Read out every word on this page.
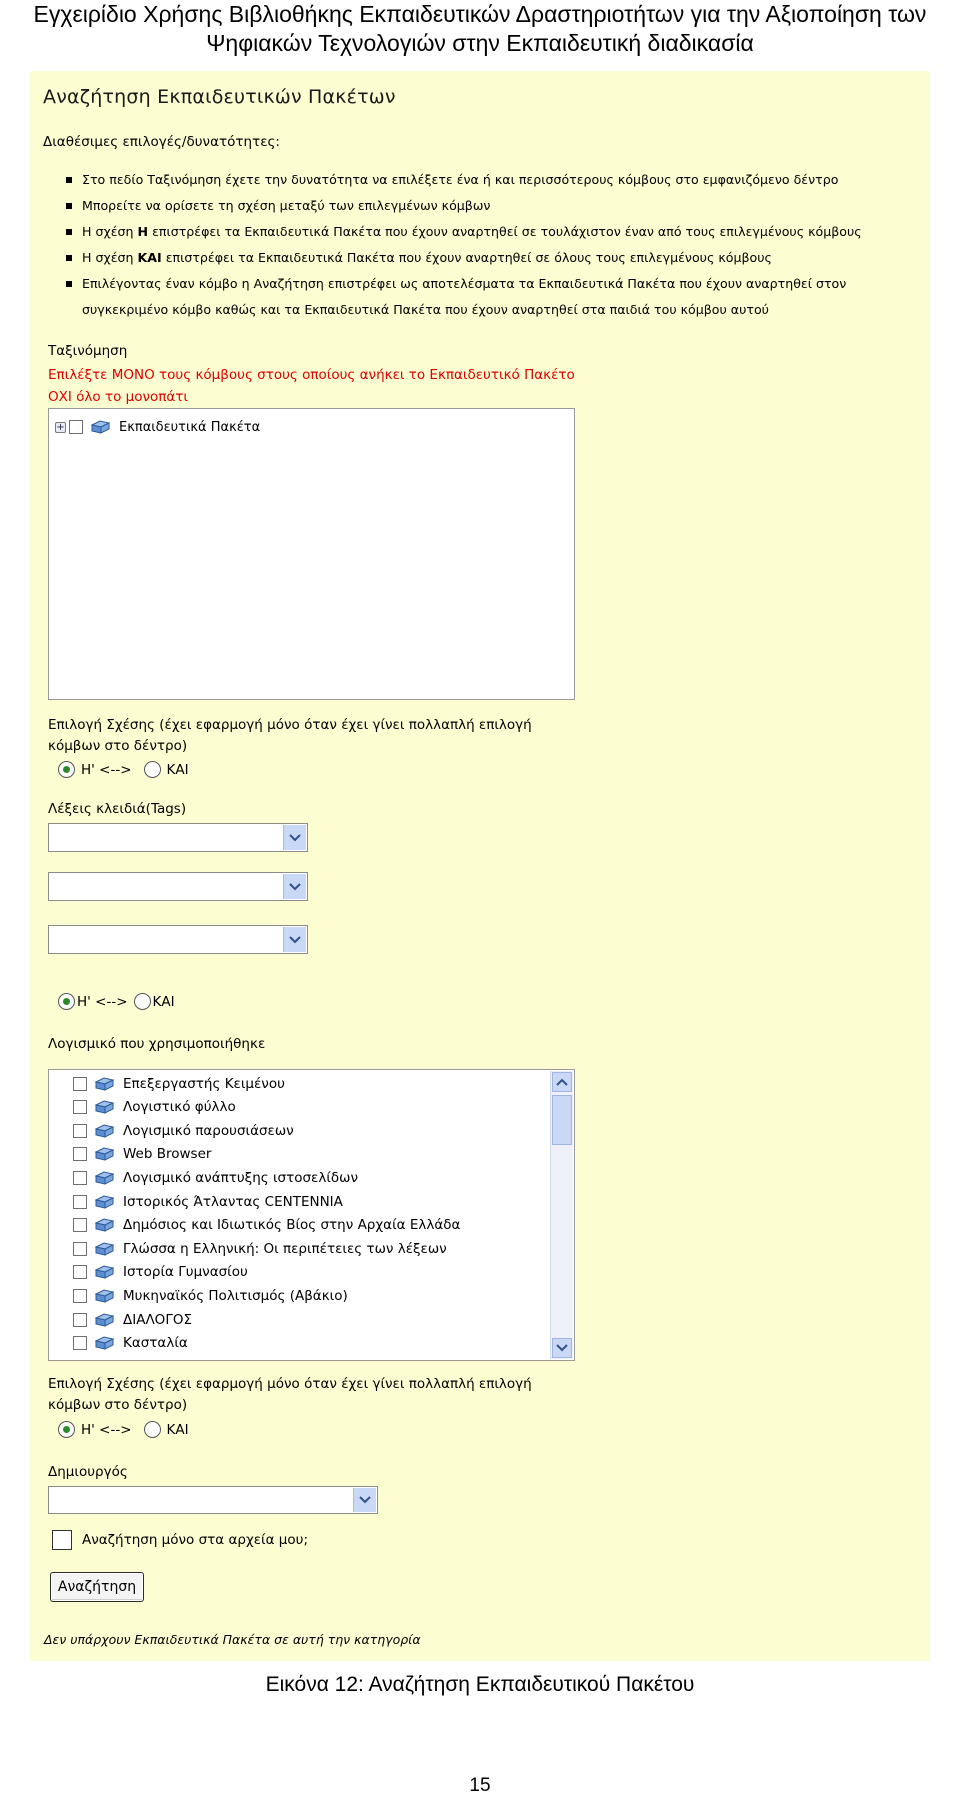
Εγχειρίδιο Χρήσης Βιβλιοθήκης Εκπαιδευτικών Δραστηριοτήτων για την Αξιοποίηση των
Ψηφιακών Τεχνολογιών στην Εκπαιδευτική διαδικασία
Αναζήτηση Εκπαιδευτικών Πακέτων
Διαθέσιμες επιλογές/δυνατότητες:
Στο πεδίο Ταξινόμηση έχετε την δυνατότητα να επιλέξετε ένα ή και περισσότερους κόμβους στο εμφανιζόμενο δέντρο
Μπορείτε να ορίσετε τη σχέση μεταξύ των επιλεγμένων κόμβων
Η σχέση Η επιστρέφει τα Εκπαιδευτικά Πακέτα που έχουν αναρτηθεί σε τουλάχιστον έναν από τους επιλεγμένους κόμβους
Η σχέση ΚΑΙ επιστρέφει τα Εκπαιδευτικά Πακέτα που έχουν αναρτηθεί σε όλους τους επιλεγμένους κόμβους
Επιλέγοντας έναν κόμβο η Αναζήτηση επιστρέφει ως αποτελέσματα τα Εκπαιδευτικά Πακέτα που έχουν αναρτηθεί στον
συγκεκριμένο κόμβο καθώς και τα Εκπαιδευτικά Πακέτα που έχουν αναρτηθεί στα παιδιά του κόμβου αυτού
Ταξινόμηση
Επιλέξτε ΜΟΝΟ τους κόμβους στους οποίους ανήκει το Εκπαιδευτικό Πακέτο
ΟΧΙ όλο το μονοπάτι
+	Εκπαιδευτικά Πακέτα
Επιλογή Σχέσης (έχει εφαρμογή μόνο όταν έχει γίνει πολλαπλή επιλογή
κόμβων στο δέντρο)
Η' <-->	ΚΑΙ
Λέξεις κλειδιά(Tags)
Η' <--> ΚΑΙ
Λογισμικό που χρησιμοποιήθηκε
Επεξεργαστής Κειμένου
Λογιστικό φύλλο
Λογισμικό παρουσιάσεων
Web Browser
Λογισμικό ανάπτυξης ιστοσελίδων
Ιστορικός Άτλαντας CENTENNIA
Δημόσιος και Ιδιωτικός Βίος στην Αρχαία Ελλάδα
Γλώσσα η Ελληνική: Οι περιπέτειες των λέξεων
Ιστορία Γυμνασίου
Μυκηναϊκός Πολιτισμός (Αβάκιο)
ΔΙΑΛΟΓΟΣ
Κασταλία
Επιλογή Σχέσης (έχει εφαρμογή μόνο όταν έχει γίνει πολλαπλή επιλογή
κόμβων στο δέντρο)
Η' <-->	ΚΑΙ
Δημιουργός
Αναζήτηση μόνο στα αρχεία μου;
Αναζήτηση
Δεν υπάρχουν Εκπαιδευτικά Πακέτα σε αυτή την κατηγορία
Εικόνα 12: Αναζήτηση Εκπαιδευτικού Πακέτου
15
